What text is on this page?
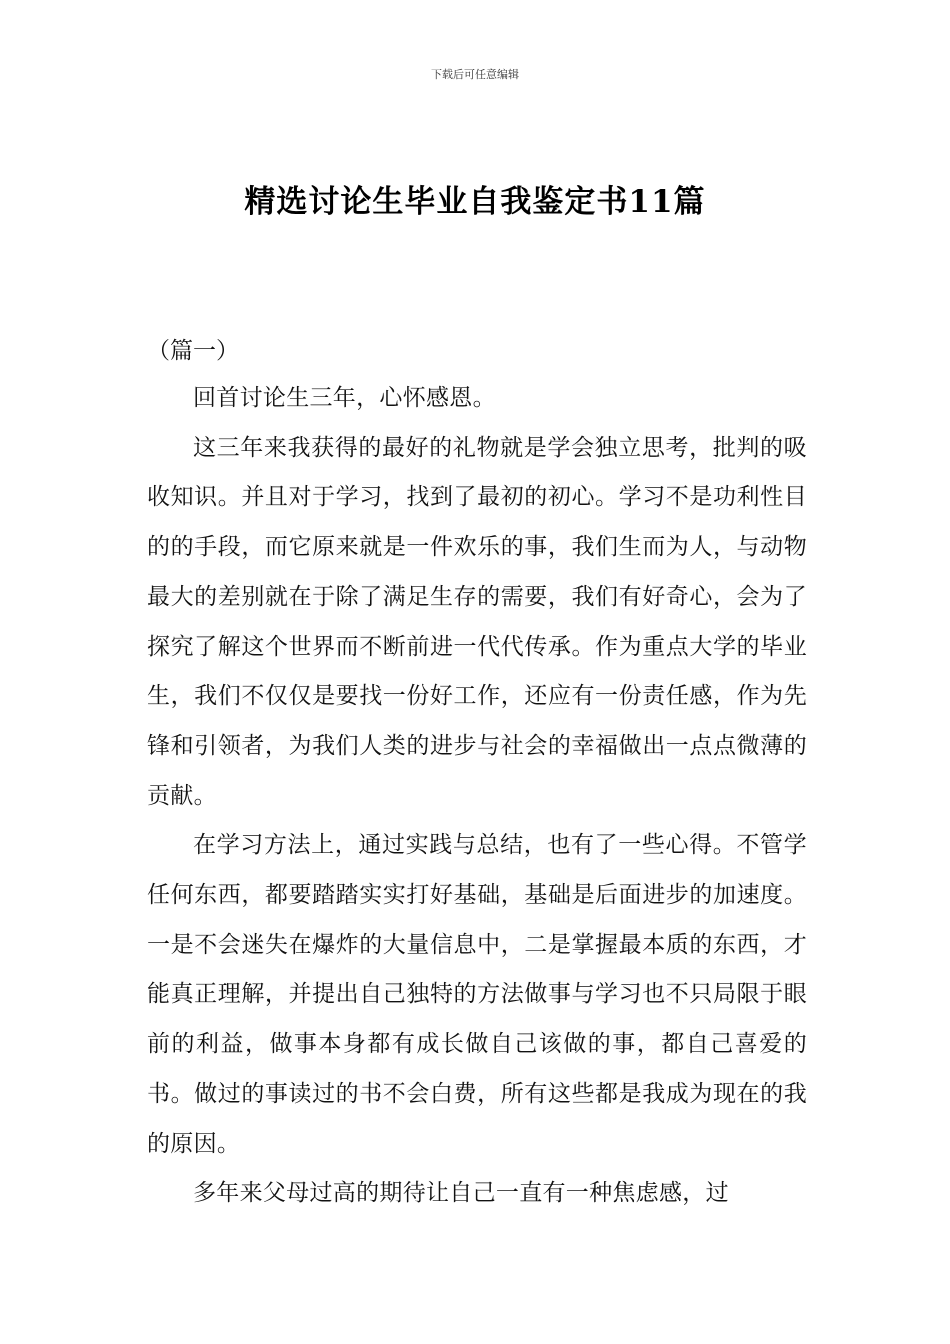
下载后可任意编辑
精选讨论生毕业自我鉴定书11篇
（篇一）

回首讨论生三年，心怀感恩。

这三年来我获得的最好的礼物就是学会独立思考，批判的吸收知识。并且对于学习，找到了最初的初心。学习不是功利性目的的手段，而它原来就是一件欢乐的事，我们生而为人，与动物最大的差别就在于除了满足生存的需要，我们有好奇心，会为了探究了解这个世界而不断前进一代代传承。作为重点大学的毕业生，我们不仅仅是要找一份好工作，还应有一份责任感，作为先锋和引领者，为我们人类的进步与社会的幸福做出一点点微薄的贡献。

在学习方法上，通过实践与总结，也有了一些心得。不管学任何东西，都要踏踏实实打好基础，基础是后面进步的加速度。一是不会迷失在爆炸的大量信息中，二是掌握最本质的东西，才能真正理解，并提出自己独特的方法做事与学习也不只局限于眼前的利益，做事本身都有成长做自己该做的事，都自己喜爱的书。做过的事读过的书不会白费，所有这些都是我成为现在的我的原因。

多年来父母过高的期待让自己一直有一种焦虑感，过
